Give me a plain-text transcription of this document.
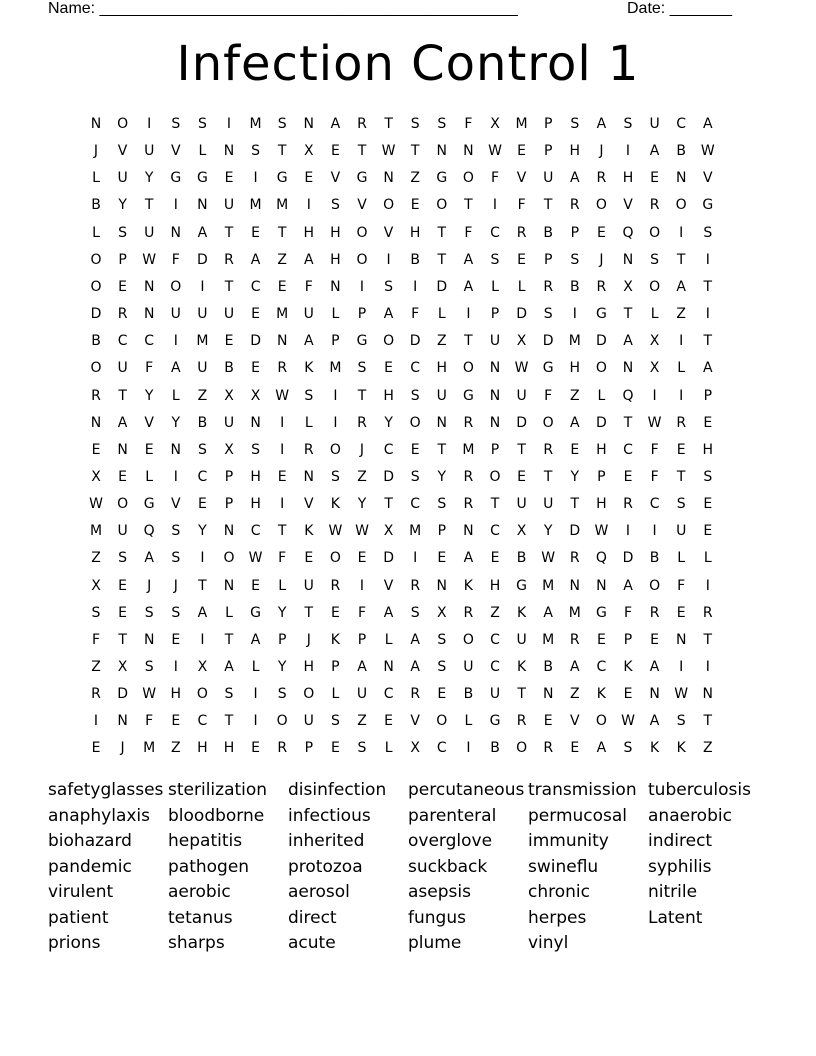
Name: _______________________________________________

	Date: _______

Infection Control 1
N	O	I	S	S	I	M	S	N	A	R	T	S	S	F	X	M	P	S	A	S	U	C	A
J	V	U	V	L	N	S	T	X	E	T	W	T	N	N	W	E	P	H	J	I	A	B	W
L	U	Y	G	G	E	I	G	E	V	G	N	Z	G	O	F	V	U	A	R	H	E	N	V
B	Y	T	I	N	U	M	M	I	S	V	O	E	O	T	I	F	T	R	O	V	R	O	G
L	S	U	N	A	T	E	T	H	H	O	V	H	T	F	C	R	B	P	E	Q	O	I	S
O	P	W	F	D	R	A	Z	A	H	O	I	B	T	A	S	E	P	S	J	N	S	T	I
O	E	N	O	I	T	C	E	F	N	I	S	I	D	A	L	L	R	B	R	X	O	A	T
D	R	N	U	U	U	E	M	U	L	P	A	F	L	I	P	D	S	I	G	T	L	Z	I
B	C	C	I	M	E	D	N	A	P	G	O	D	Z	T	U	X	D	M	D	A	X	I	T
O	U	F	A	U	B	E	R	K	M	S	E	C	H	O	N	W	G	H	O	N	X	L	A
R	T	Y	L	Z	X	X	W	S	I	T	H	S	U	G	N	U	F	Z	L	Q	I	I	P
N	A	V	Y	B	U	N	I	L	I	R	Y	O	N	R	N	D	O	A	D	T	W	R	E
E	N	E	N	S	X	S	I	R	O	J	C	E	T	M	P	T	R	E	H	C	F	E	H
X	E	L	I	C	P	H	E	N	S	Z	D	S	Y	R	O	E	T	Y	P	E	F	T	S
W	O	G	V	E	P	H	I	V	K	Y	T	C	S	R	T	U	U	T	H	R	C	S	E
M	U	Q	S	Y	N	C	T	K	W W	X	M	P	N	C	X	Y	D	W	I	I	U	E
Z	S	A	S	I	O	W	F	E	O	E	D	I	E	A	E	B	W	R	Q	D	B	L	L
X	E	J	J	T	N	E	L	U	R	I	V	R	N	K	H	G	M	N	N	A	O	F	I
S	E	S	S	A	L	G	Y	T	E	F	A	S	X	R	Z	K	A	M	G	F	R	E	R
F	T	N	E	I	T	A	P	J	K	P	L	A	S	O	C	U	M	R	E	P	E	N	T
Z	X	S	I	X	A	L	Y	H	P	A	N	A	S	U	C	K	B	A	C	K	A	I	I
R	D	W	H	O	S	I	S	O	L	U	C	R	E	B	U	T	N	Z	K	E	N	W	N
I	N	F	E	C	T	I	O	U	S	Z	E	V	O	L	G	R	E	V	O	W	A	S	T
E	J	M	Z	H	H	E	R	P	E	S	L	X	C	I	B	O	R	E	A	S	K	K	Z
safetyglasses sterilization disinfection percutaneous transmission tuberculosis
anaphylaxis bloodborne infectious parenteral permucosal anaerobic
biohazard hepatitis	inherited	overglove immunity indirect
pandemic pathogen protozoa	suckback swineflu	syphilis
virulent	aerobic	aerosol	asepsis	chronic	nitrile
patient	tetanus	direct	fungus	herpes	Latent
prions	sharps	acute	plume	vinyl
